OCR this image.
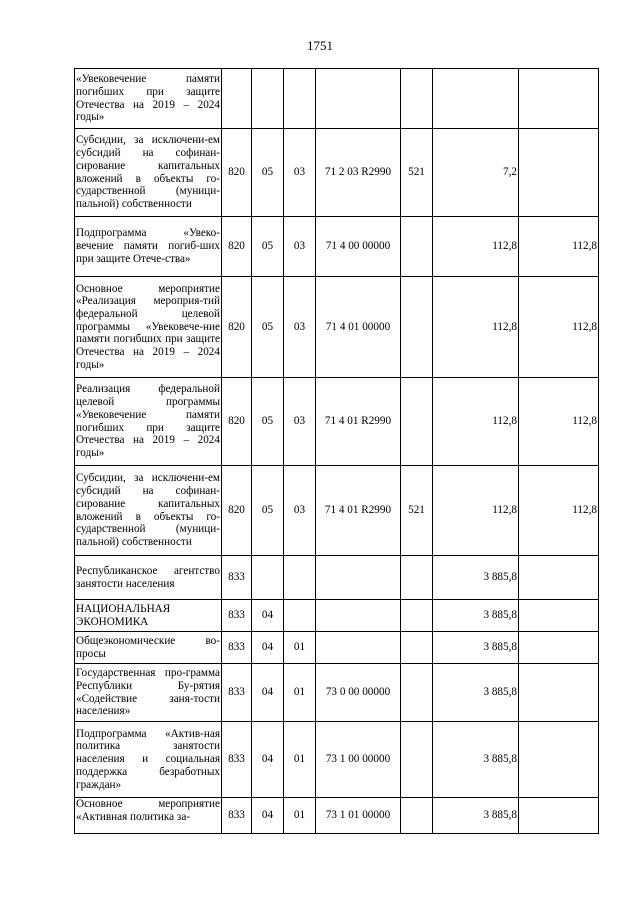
1751
«Увековечение памяти погибших при защите Отечества на 2019 – 2024 годы»							
Субсидии, за исключени-ем субсидий на софинан-сирование капитальных вложений в объекты го-сударственной (муници-пальной) собственности	820	05	03	71 2 03 R2990	521	7,2	
Подпрограмма «Увеко-вечение памяти погиб-ших при защите Отече-ства»	820	05	03	71 4 00 00000		112,8	112,8
Основное мероприятие «Реализация мероприя-тий федеральной целевой программы «Увековече-ние памяти погибших при защите Отечества на 2019 – 2024 годы»	820	05	03	71 4 01 00000		112,8	112,8
Реализация федеральной целевой программы «Увековечение памяти погибших при защите Отечества на 2019 – 2024 годы»	820	05	03	71 4 01 R2990		112,8	112,8
Субсидии, за исключени-ем субсидий на софинан-сирование капитальных вложений в объекты го-сударственной (муници-пальной) собственности	820	05	03	71 4 01 R2990	521	112,8	112,8
Республиканское агентство занятости населения	833					3 885,8	
НАЦИОНАЛЬНАЯ ЭКОНОМИКА	833	04				3 885,8	
Общеэкономические во-просы	833	04	01			3 885,8	
Государственная про-грамма Республики Бу-рятия «Содействие заня-тости населения»	833	04	01	73 0 00 00000		3 885,8	
Подпрограмма «Актив-ная политика занятости населения и социальная поддержка безработных граждан»	833	04	01	73 1 00 00000		3 885,8	
Основное мероприятие «Активная политика за-	833	04	01	73 1 01 00000		3 885,8	
